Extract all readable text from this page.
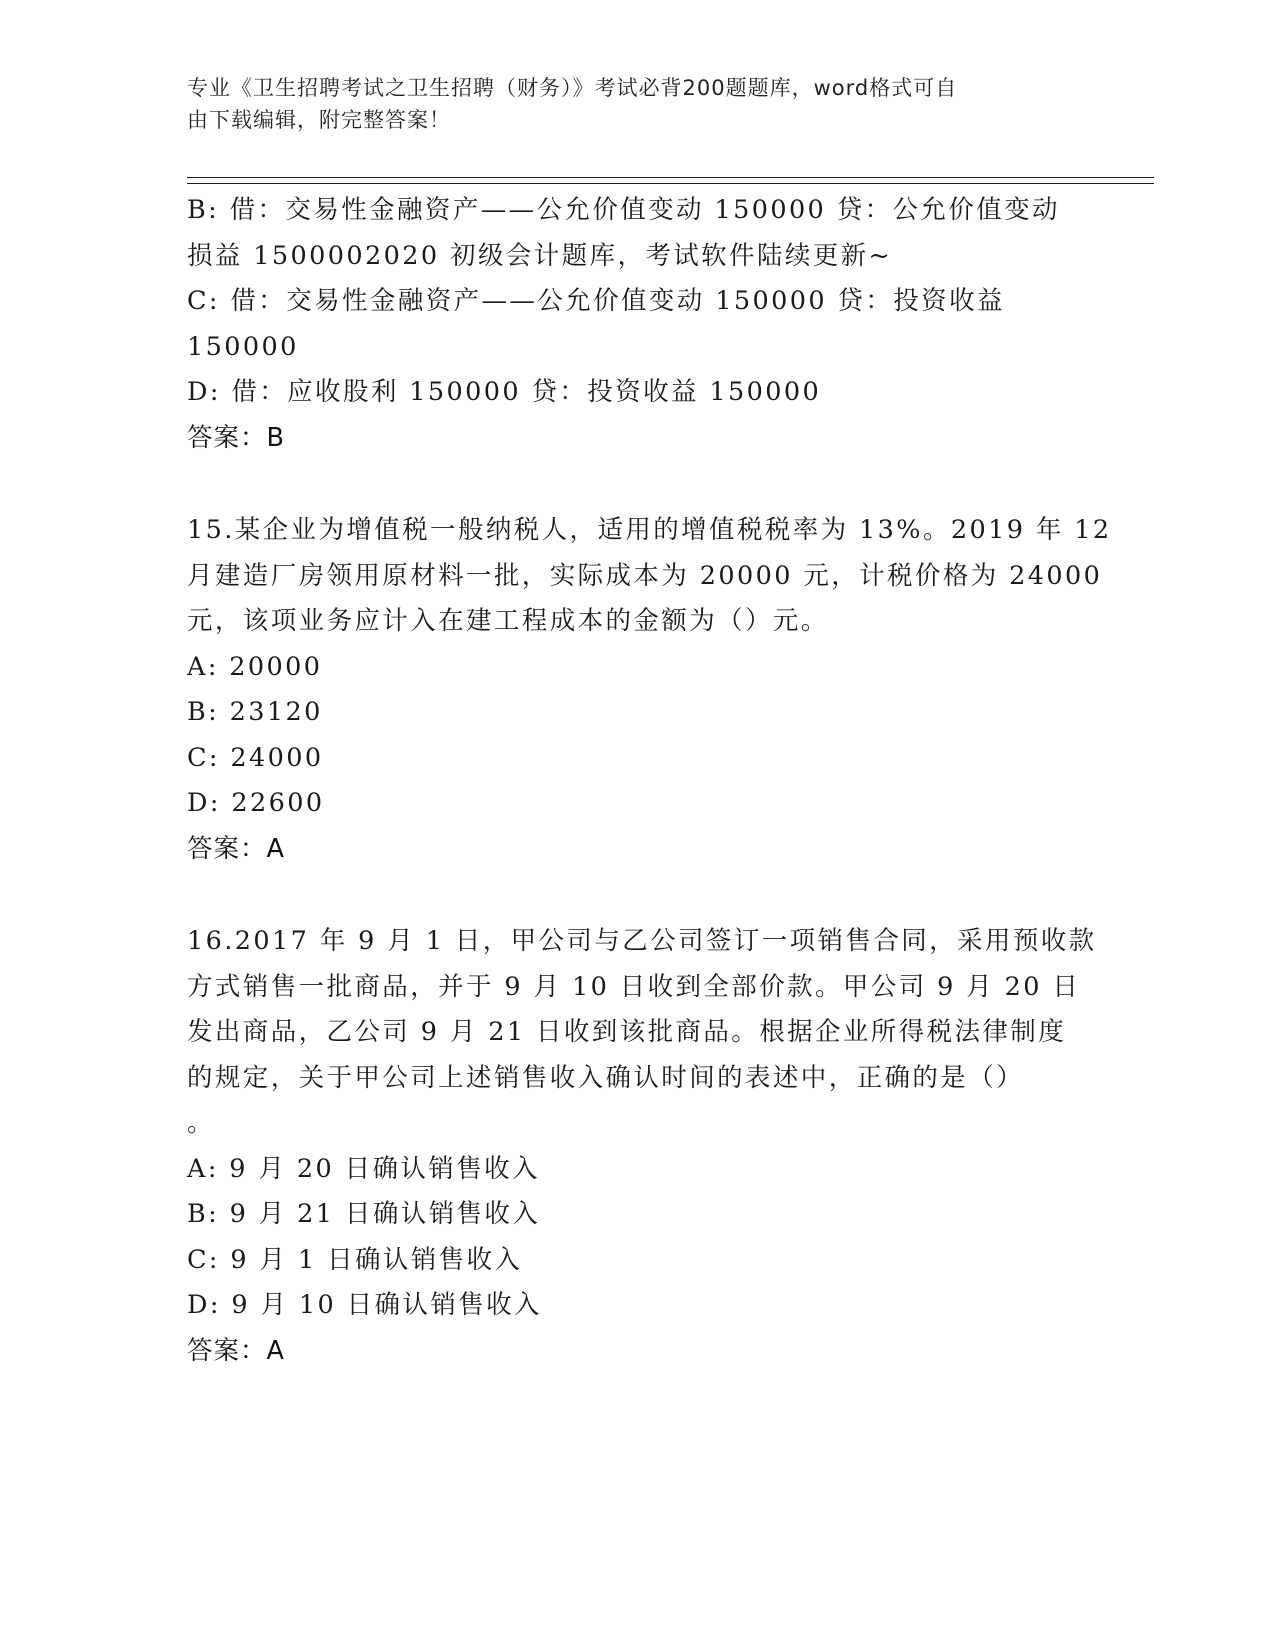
专业《卫生招聘考试之卫生招聘（财务）》考试必背200题题库，word格式可自
由下载编辑，附完整答案！
B: 借：交易性金融资产——公允价值变动 150000 贷：公允价值变动
损益 1500002020 初级会计题库，考试软件陆续更新~
C: 借：交易性金融资产——公允价值变动 150000 贷：投资收益
150000
D: 借：应收股利 150000 贷：投资收益 150000
答案：B
15.某企业为增值税一般纳税人，适用的增值税税率为 13%。2019 年 12
月建造厂房领用原材料一批，实际成本为 20000 元，计税价格为 24000
元，该项业务应计入在建工程成本的金额为（）元。
A: 20000
B: 23120
C: 24000
D: 22600
答案：A
16.2017 年 9 月 1 日，甲公司与乙公司签订一项销售合同，采用预收款
方式销售一批商品，并于 9 月 10 日收到全部价款。甲公司 9 月 20 日
发出商品，乙公司 9 月 21 日收到该批商品。根据企业所得税法律制度
的规定，关于甲公司上述销售收入确认时间的表述中，正确的是（）
。
A: 9 月 20 日确认销售收入
B: 9 月 21 日确认销售收入
C: 9 月 1 日确认销售收入
D: 9 月 10 日确认销售收入
答案：A
